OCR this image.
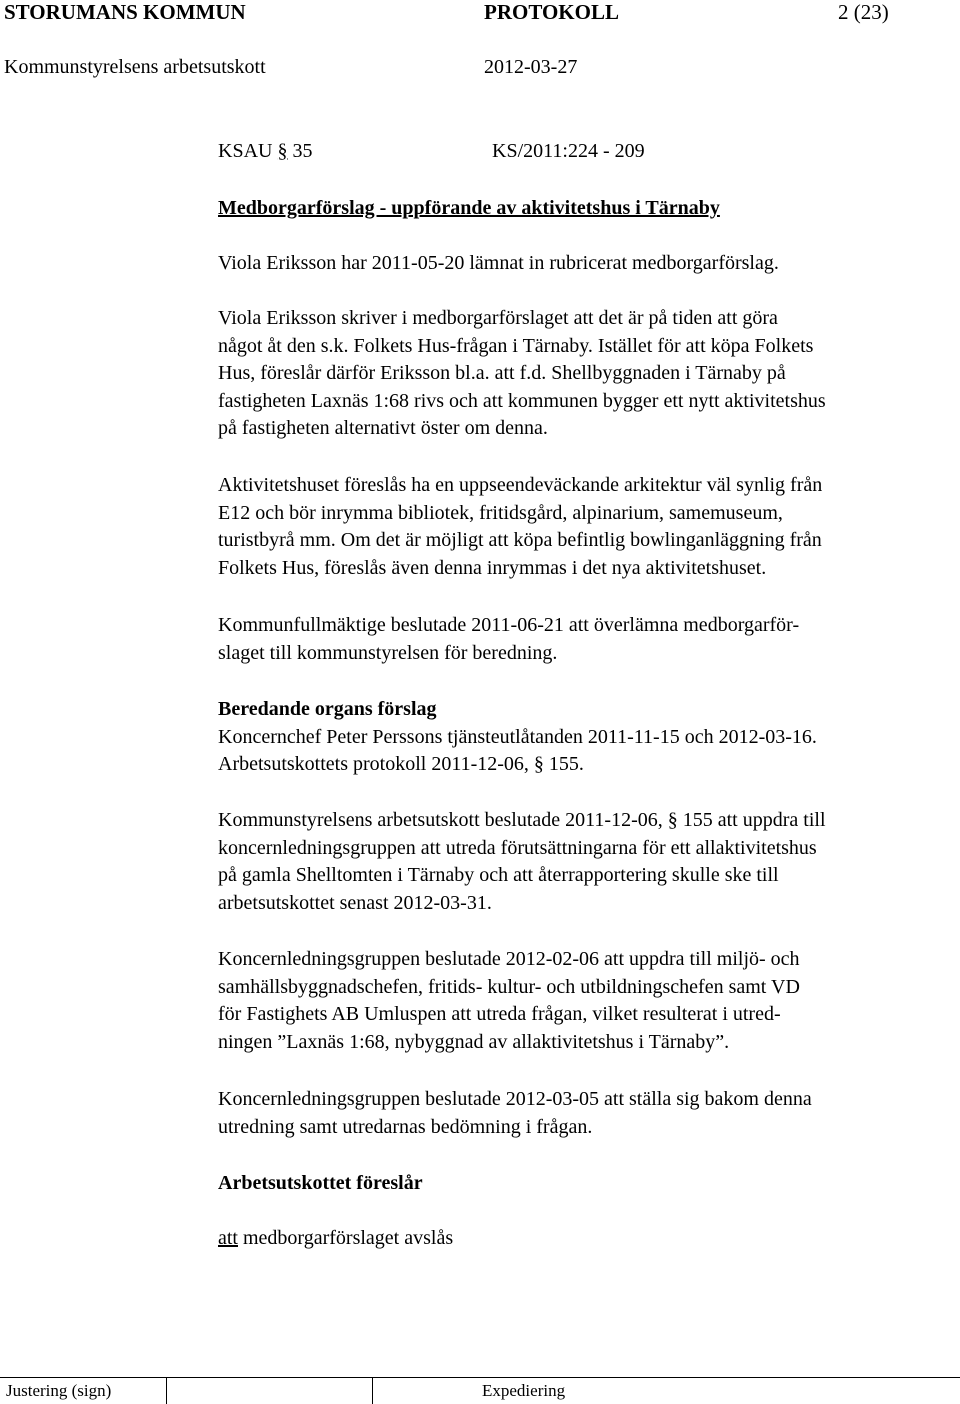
STORUMANS KOMMUN	PROTOKOLL	2 (23)
Kommunstyrelsens arbetsutskott	2012-03-27
KSAU § 35	KS/2011:224 - 209
Medborgarförslag - uppförande av aktivitetshus i Tärnaby
Viola Eriksson har 2011-05-20 lämnat in rubricerat medborgarförslag.
Viola Eriksson skriver i medborgarförslaget att det är på tiden att göra
något åt den s.k. Folkets Hus-frågan i Tärnaby. Istället för att köpa Folkets
Hus, föreslår därför Eriksson bl.a. att f.d. Shellbyggnaden i Tärnaby på
fastigheten Laxnäs 1:68 rivs och att kommunen bygger ett nytt aktivitetshus
på fastigheten alternativt öster om denna.
Aktivitetshuset föreslås ha en uppseendeväckande arkitektur väl synlig från
E12 och bör inrymma bibliotek, fritidsgård, alpinarium, samemuseum,
turistbyrå mm. Om det är möjligt att köpa befintlig bowlinganläggning från
Folkets Hus, föreslås även denna inrymmas i det nya aktivitetshuset.
Kommunfullmäktige beslutade 2011-06-21 att överlämna medborgarför-
slaget till kommunstyrelsen för beredning.
Beredande organs förslag
Koncernchef Peter Perssons tjänsteutlåtanden 2011-11-15 och 2012-03-16.
Arbetsutskottets protokoll 2011-12-06, § 155.
Kommunstyrelsens arbetsutskott beslutade 2011-12-06, § 155 att uppdra till
koncernledningsgruppen att utreda förutsättningarna för ett allaktivitetshus
på gamla Shelltomten i Tärnaby och att återrapportering skulle ske till
arbetsutskottet senast 2012-03-31.
Koncernledningsgruppen beslutade 2012-02-06 att uppdra till miljö- och
samhällsbyggnadschefen, fritids- kultur- och utbildningschefen samt VD
för Fastighets AB Umluspen att utreda frågan, vilket resulterat i utred-
ningen ”Laxnäs 1:68, nybyggnad av allaktivitetshus i Tärnaby”.
Koncernledningsgruppen beslutade 2012-03-05 att ställa sig bakom denna
utredning samt utredarnas bedömning i frågan.
Arbetsutskottet föreslår
att medborgarförslaget avslås
Justering (sign)	Expediering
